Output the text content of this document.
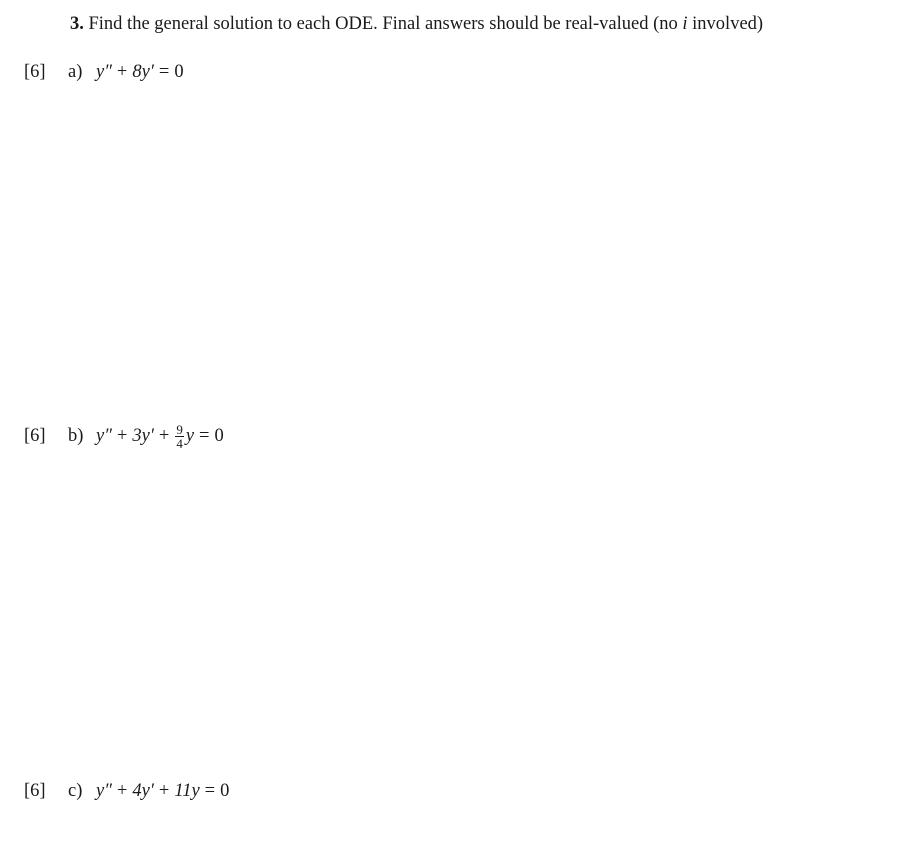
3. Find the general solution to each ODE. Final answers should be real-valued (no i involved)
[6]	a) y″ + 8y′ = 0
[6]	b) $y'' + 3y' + \frac{9}{4}$ y = 0
[6]	c) y″ + 4y′ + 11y = 0
